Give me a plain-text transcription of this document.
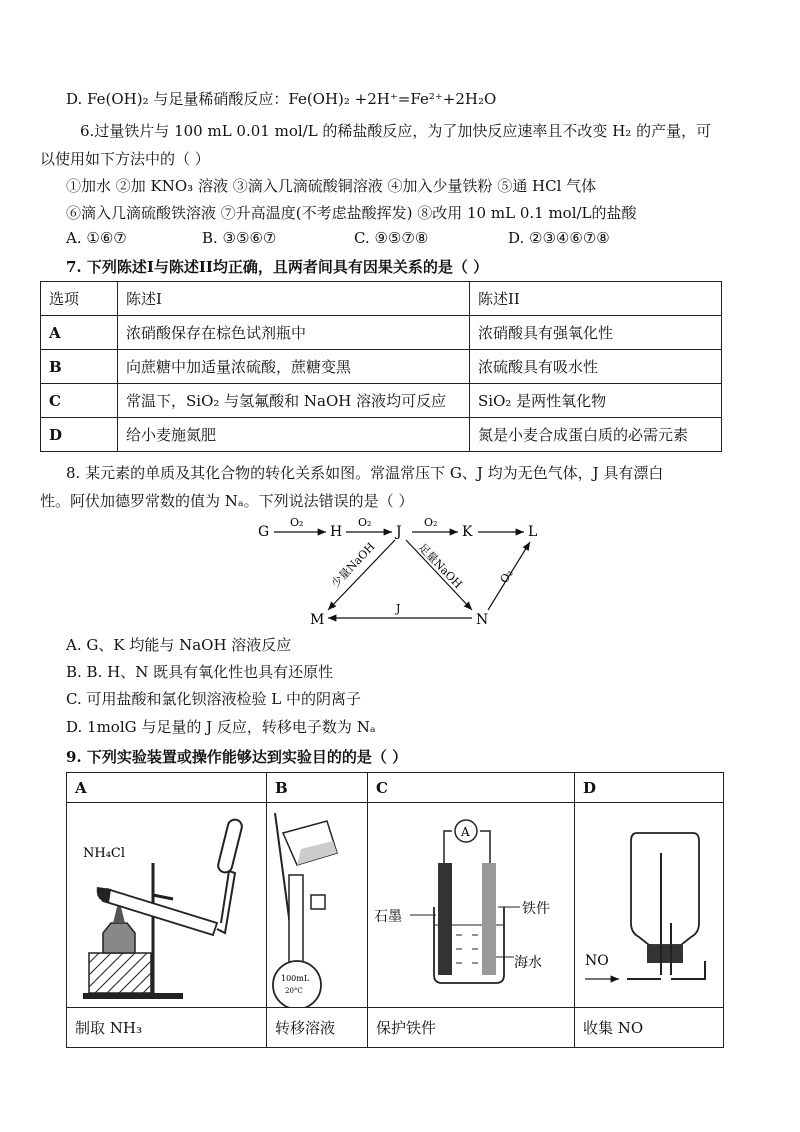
D. Fe(OH)₂ 与足量稀硝酸反应：Fe(OH)₂ +2H⁺=Fe²⁺+2H₂O
6.过量铁片与 100 mL 0.01 mol/L 的稀盐酸反应，为了加快反应速率且不改变 H₂ 的产量，可
以使用如下方法中的（ ）
①加水 ②加 KNO₃ 溶液 ③滴入几滴硫酸铜溶液 ④加入少量铁粉 ⑤通 HCl 气体
⑥滴入几滴硫酸铁溶液 ⑦升高温度(不考虑盐酸挥发) ⑧改用 10 mL 0.1 mol/L的盐酸
A. ①⑥⑦	B. ③⑤⑥⑦	C. ⑨⑤⑦⑧	D. ②③④⑥⑦⑧
7. 下列陈述I与陈述II均正确，且两者间具有因果关系的是（ ）
选项	陈述I	陈述II
A	浓硝酸保存在棕色试剂瓶中	浓硝酸具有强氧化性
B	向蔗糖中加适量浓硫酸，蔗糖变黑	浓硫酸具有吸水性
C	常温下，SiO₂ 与氢氟酸和 NaOH 溶液均可反应	SiO₂ 是两性氧化物
D	给小麦施氮肥	氮是小麦合成蛋白质的必需元素
8. 某元素的单质及其化合物的转化关系如图。常温常压下 G、J 均为无色气体，J 具有漂白
性。阿伏加德罗常数的值为 Nₐ。下列说法错误的是（ ）
G
O₂
H
O₂
J
O₂
K	L
少量NaOH	足量NaOH	O₂
M
J
N
A. G、K 均能与 NaOH 溶液反应
B. B. H、N 既具有氧化性也具有还原性
C. 可用盐酸和氯化钡溶液检验 L 中的阴离子
D. 1molG 与足量的 J 反应，转移电子数为 Nₐ
9. 下列实验装置或操作能够达到实验目的的是（ ）
A	B	C	D

NH₄Cl	100mL
20°C	A
石墨 铁件
海水	NO

制取 NH₃	转移溶液	保护铁件	收集 NO
